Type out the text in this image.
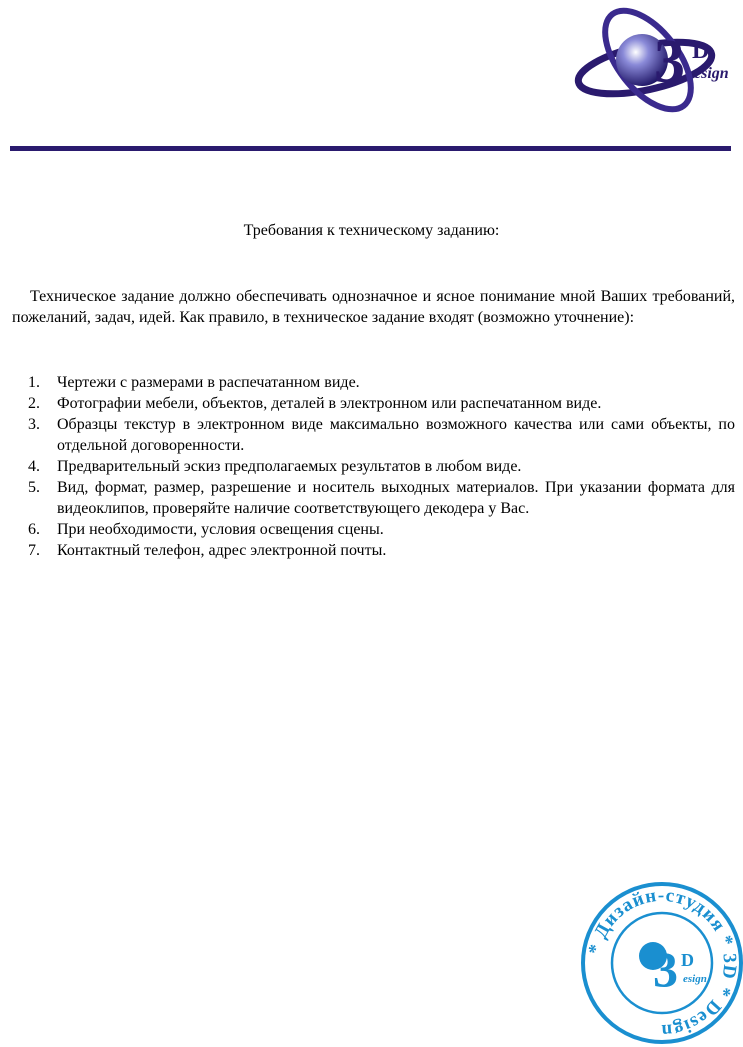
3 D
esign
Требования к техническому заданию:

Техническое задание должно обеспечивать однозначное и ясное понимание мной Ваших требований, пожеланий, задач, идей. Как правило, в техническое задание входят (возможно уточнение):

1. Чертежи с размерами в распечатанном виде.
2. Фотографии мебели, объектов, деталей в электронном или распечатанном виде.
3. Образцы текстур в электронном виде максимально возможного качества или сами объекты, по отдельной договоренности.
4. Предварительный эскиз предполагаемых результатов в любом виде.
5. Вид, формат, размер, разрешение и носитель выходных материалов. При указании формата для видеоклипов, проверяйте наличие соответствующего декодера у Вас.
6. При необходимости, условия освещения сцены.
7. Контактный телефон, адрес электронной почты.
* Дизайн-студия * 3D * Design
3 D
esign
